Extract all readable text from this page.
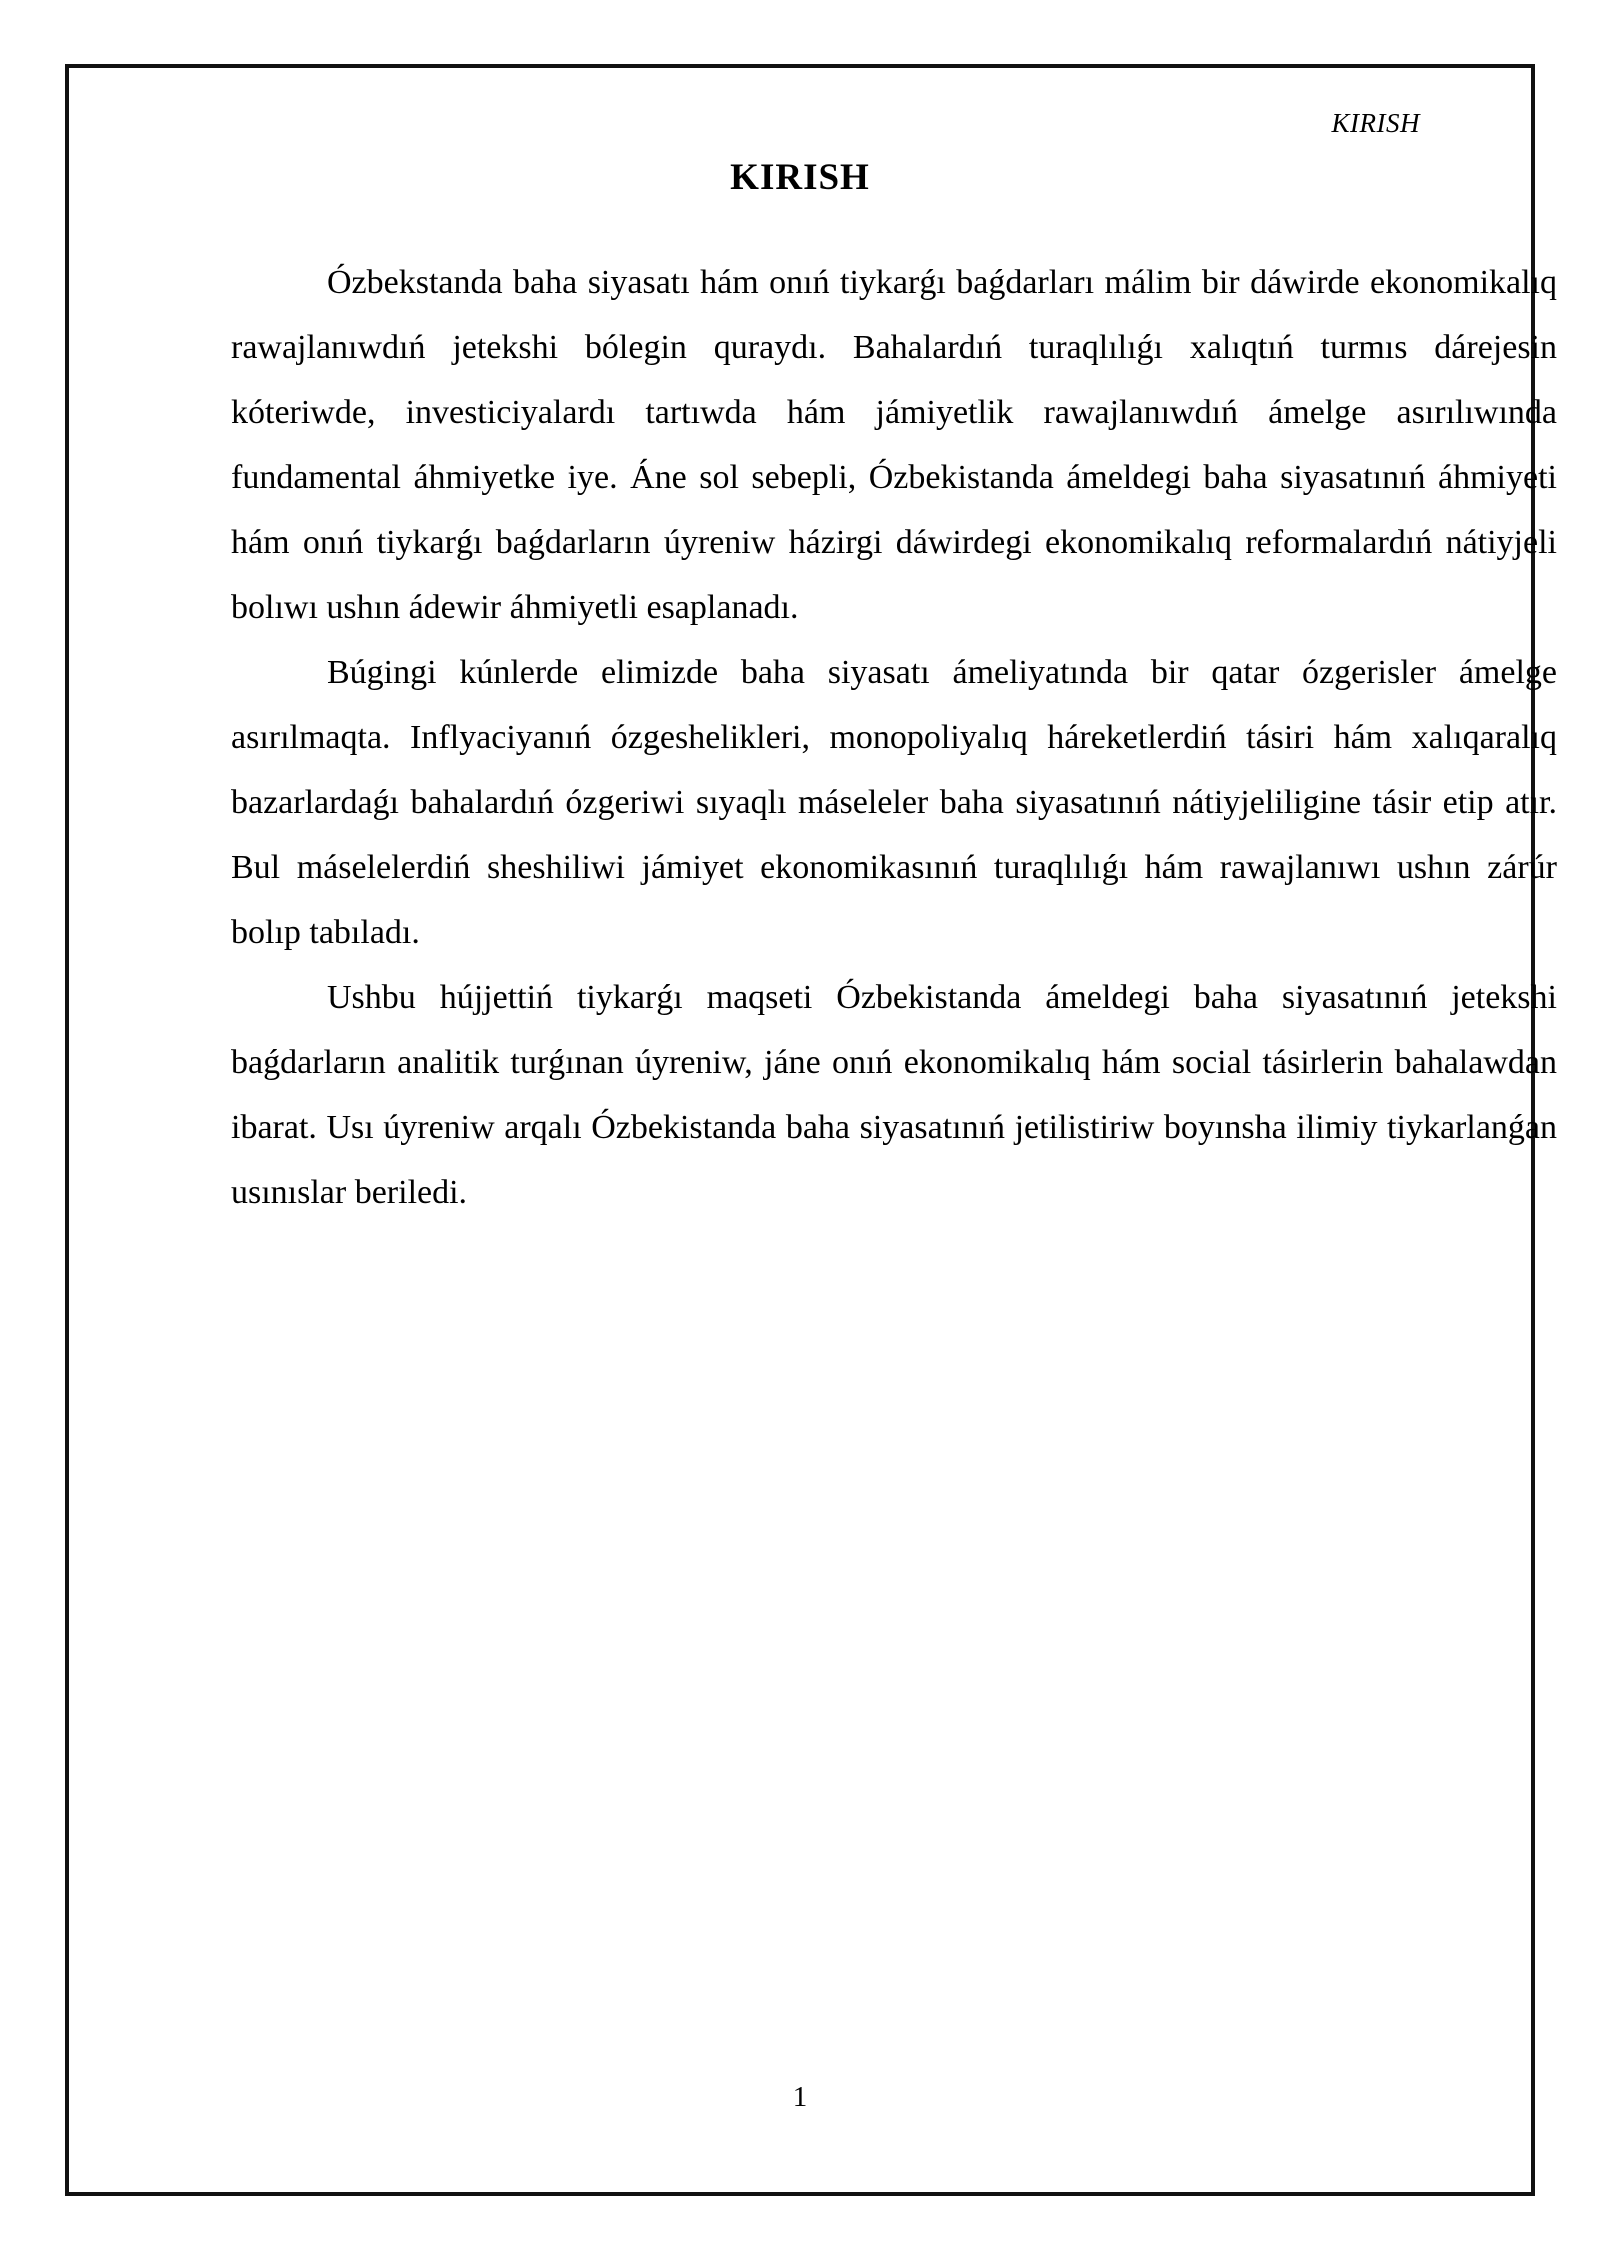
KIRISH
KIRISH

Ózbekstanda baha siyasatı hám onıń tiykarǵı baǵdarları málim bir dáwirde ekonomikalıq rawajlanıwdıń jetekshi bólegin quraydı. Bahalardıń turaqlılıǵı xalıqtıń turmıs dárejesin kóteriwde, investiciyalardı tartıwda hám jámiyetlik rawajlanıwdıń ámelge asırılıwında fundamental áhmiyetke iye. Áne sol sebepli, Ózbekistanda ámeldegi baha siyasatınıń áhmiyeti hám onıń tiykarǵı baǵdarların úyreniw házirgi dáwirdegi ekonomikalıq reformalardıń nátiyjeli bolıwı ushın ádewir áhmiyetli esaplanadı.

Búgingi kúnlerde elimizde baha siyasatı ámeliyatında bir qatar ózgerisler ámelge asırılmaqta. Inflyaciyanıń ózgeshelikleri, monopoliyalıq háreketlerdiń tásiri hám xalıqaralıq bazarlardaǵı bahalardıń ózgeriwi sıyaqlı máseleler baha siyasatınıń nátiyjeliligine tásir etip atır. Bul máselelerdiń sheshiliwi jámiyet ekonomikasınıń turaqlılıǵı hám rawajlanıwı ushın zárúr bolıp tabıladı.

Ushbu hújjettiń tiykarǵı maqseti Ózbekistanda ámeldegi baha siyasatınıń jetekshi baǵdarların analitik turǵınan úyreniw, jáne onıń ekonomikalıq hám social tásirlerin bahalawdan ibarat. Usı úyreniw arqalı Ózbekistanda baha siyasatınıń jetilistiriw boyınsha ilimiy tiykarlanǵan usınıslar beriledi.

1
